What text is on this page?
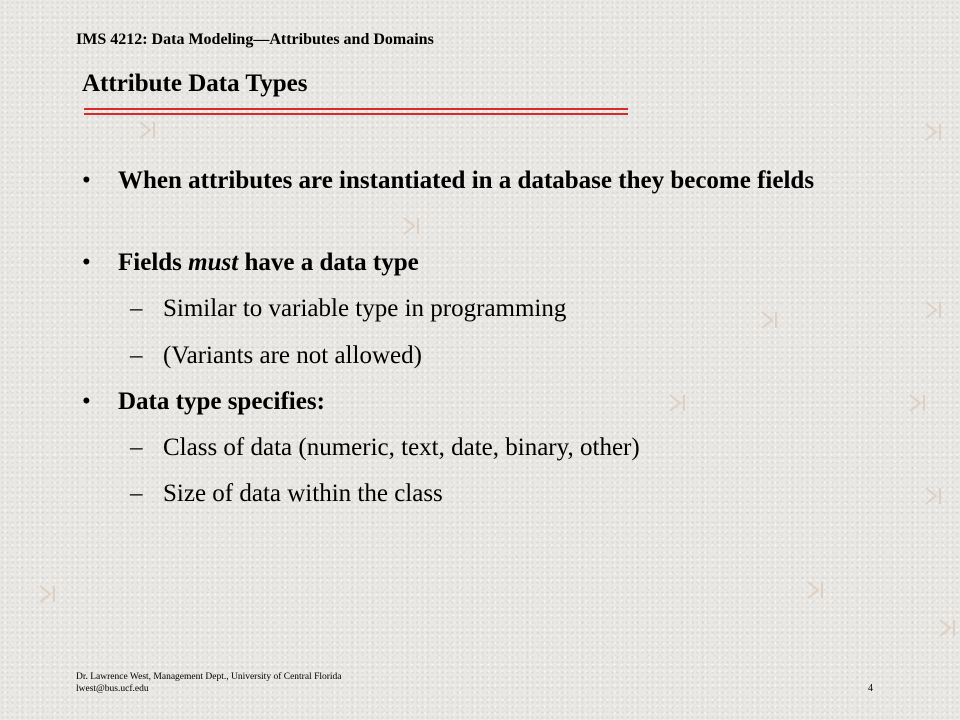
IMS 4212: Data Modeling—Attributes and Domains

Attribute Data Types
• When attributes are instantiated in a database they become fields
• Fields must have a data type
– Similar to variable type in programming
– (Variants are not allowed)
• Data type specifies:
– Class of data (numeric, text, date, binary, other)
– Size of data within the class

Dr. Lawrence West, Management Dept., University of Central Florida
lwest@bus.ucf.edu	4
